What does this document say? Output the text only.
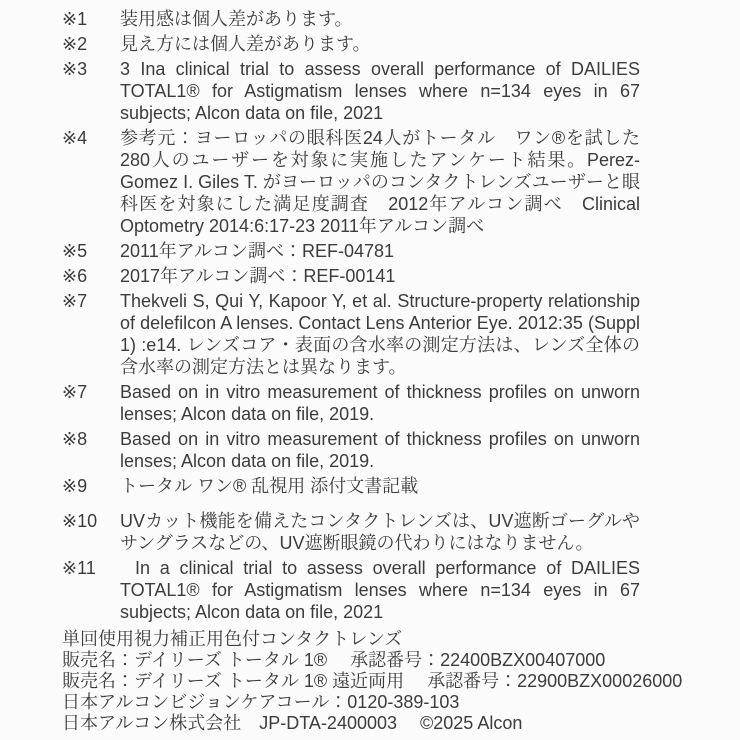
※1	装用感は個人差があります。
※2	見え方には個人差があります。
※3	3 Ina clinical trial to assess overall performance of DAILIES TOTAL1® for Astigmatism lenses where n=134 eyes in 67 subjects; Alcon data on file, 2021
※4	参考元：ヨーロッパの眼科医24人がトータル　ワン®を試した280人のユーザーを対象に実施したアンケート結果。Perez-Gomez I. Giles T. がヨーロッパのコンタクトレンズユーザーと眼科医を対象にした満足度調査　2012年アルコン調べ　Clinical Optometry 2014:6:17-23 2011年アルコン調べ
※5	2011年アルコン調べ：REF-04781
※6	2017年アルコン調べ：REF-00141
※7	Thekveli S, Qui Y, Kapoor Y, et al. Structure-property relationship of delefilcon A lenses. Contact Lens Anterior Eye. 2012:35 (Suppl 1) :e14. レンズコア・表面の含水率の測定方法は、レンズ全体の含水率の測定方法とは異なります。
※7	Based on in vitro measurement of thickness profiles on unworn lenses; Alcon data on file, 2019.
※8	Based on in vitro measurement of thickness profiles on unworn lenses; Alcon data on file, 2019.
※9	トータル ワン® 乱視用 添付文書記載
※10	UVカット機能を備えたコンタクトレンズは、UV遮断ゴーグルやサングラスなどの、UV遮断眼鏡の代わりにはなりません。
※11	In a clinical trial to assess overall performance of DAILIES TOTAL1® for Astigmatism lenses where n=134 eyes in 67 subjects; Alcon data on file, 2021
単回使用視力補正用色付コンタクトレンズ
販売名：デイリーズ トータル 1®　 承認番号：22400BZX00407000
販売名：デイリーズ トータル 1® 遠近両用　 承認番号：22900BZX00026000
日本アルコンビジョンケアコール：0120-389-103
日本アルコン株式会社　JP-DTA-2400003　 ©2025 Alcon
